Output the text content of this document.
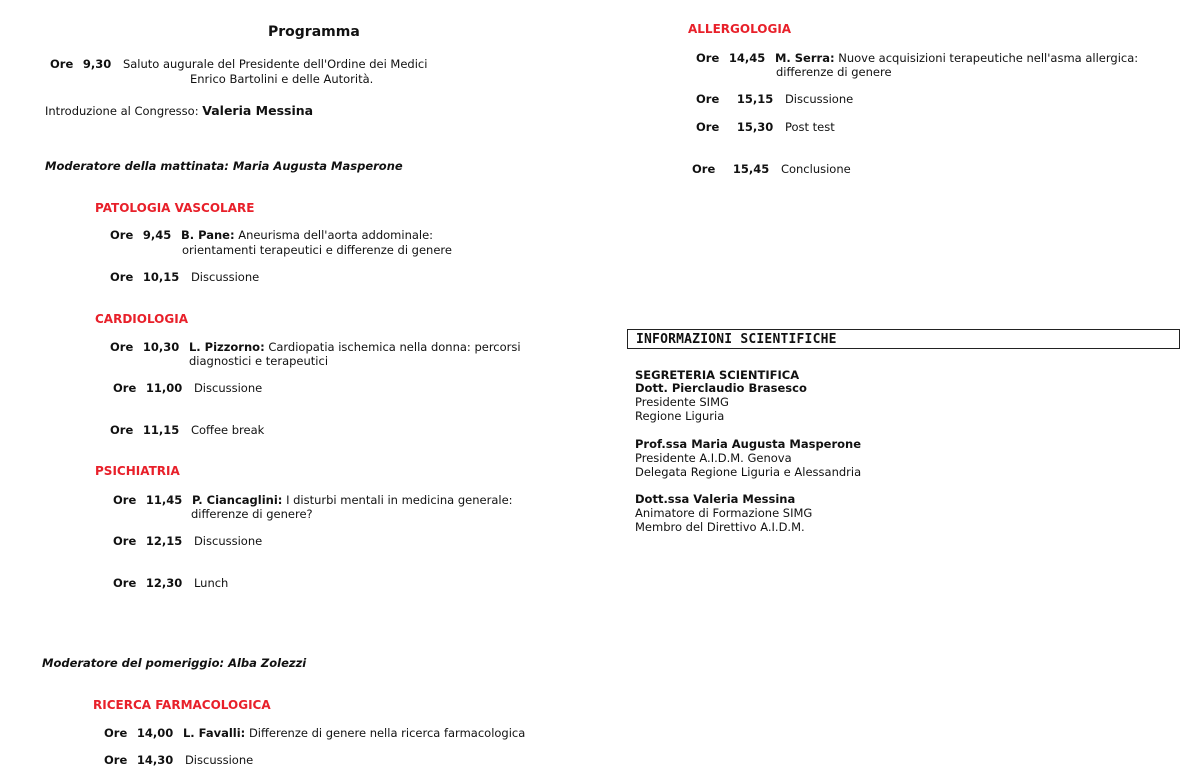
Programma
Ore 9,30 Saluto augurale del Presidente dell'Ordine dei Medici
Enrico Bartolini e delle Autorità.
Introduzione al Congresso: Valeria Messina
Moderatore della mattinata: Maria Augusta Masperone
PATOLOGIA VASCOLARE
Ore 9,45 B. Pane: Aneurisma dell'aorta addominale:
orientamenti terapeutici e differenze di genere
Ore 10,15 Discussione
CARDIOLOGIA
Ore 10,30 L. Pizzorno: Cardiopatia ischemica nella donna: percorsi
diagnostici e terapeutici
Ore 11,00 Discussione
Ore 11,15 Coffee break
PSICHIATRIA
Ore 11,45 P. Ciancaglini: I disturbi mentali in medicina generale:
differenze di genere?
Ore 12,15 Discussione
Ore 12,30 Lunch
Moderatore del pomeriggio: Alba Zolezzi
RICERCA FARMACOLOGICA
Ore 14,00 L. Favalli: Differenze di genere nella ricerca farmacologica
Ore 14,30 Discussione
ALLERGOLOGIA
Ore 14,45 M. Serra: Nuove acquisizioni terapeutiche nell'asma allergica:
differenze di genere
Ore 15,15 Discussione
Ore 15,30 Post test
Ore 15,45 Conclusione
INFORMAZIONI SCIENTIFICHE
SEGRETERIA SCIENTIFICA
Dott. Piercla‌udio Brasesco
Presidente SIMG
Regione Liguria
Prof.ssa Maria Augusta Masperone
Presidente A.I.D.M. Genova
Delegata Regione Liguria e Alessandria
Dott.ssa Valeria Messina
Animatore di Formazione SIMG
Membro del Direttivo A.I.D.M.
